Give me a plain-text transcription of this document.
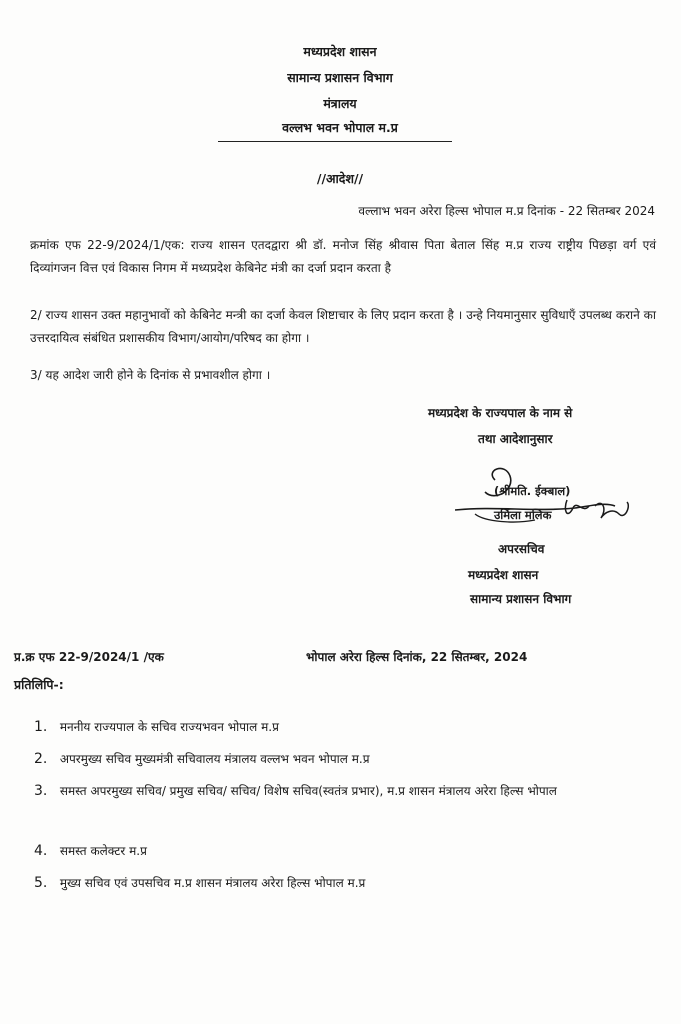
मध्यप्रदेश शासन
सामान्य प्रशासन विभाग
मंत्रालय
वल्लभ भवन भोपाल म.प्र
//आदेश//
वल्लाभ भवन अरेरा हिल्स भोपाल म.प्र दिनांक - 22 सितम्बर 2024
क्रमांक एफ 22-9/2024/1/एक: राज्य शासन एतदद्वारा श्री डॉ. मनोज सिंह श्रीवास पिता बेताल सिंह म.प्र राज्य राष्ट्रीय पिछड़ा वर्ग एवं दिव्यांगजन वित्त एवं विकास निगम में मध्यप्रदेश केबिनेट मंत्री का दर्जा प्रदान करता है
2/ राज्य शासन उक्त महानुभावों को केबिनेट मन्त्री का दर्जा केवल शिष्टाचार के लिए प्रदान करता है । उन्हे नियमानुसार सुविधाएँ उपलब्ध कराने का उत्तरदायित्व संबंधित प्रशासकीय विभाग/आयोग/परिषद का होगा ।
3/ यह आदेश जारी होने के दिनांक से प्रभावशील होगा ।
मध्यप्रदेश के राज्यपाल के नाम से
तथा आदेशानुसार
(श्रीमति. ईक्बाल)
उर्मिला मलिक
अपरसचिव
मध्यप्रदेश शासन
सामान्य प्रशासन विभाग
प्र.क्र एफ 22-9/2024/1 /एक	भोपाल अरेरा हिल्स दिनांक, 22 सितम्बर, 2024
प्रतिलिपि-:
1. मननीय राज्यपाल के सचिव राज्यभवन भोपाल म.प्र
2. अपरमुख्य सचिव मुख्यमंत्री सचिवालय मंत्रालय वल्लभ भवन भोपाल म.प्र
3. समस्त अपरमुख्य सचिव/ प्रमुख सचिव/ सचिव/ विशेष सचिव(स्वतंत्र प्रभार), म.प्र शासन मंत्रालय अरेरा हिल्स भोपाल
4. समस्त कलेक्टर म.प्र
5. मुख्य सचिव एवं उपसचिव म.प्र शासन मंत्रालय अरेरा हिल्स भोपाल म.प्र
